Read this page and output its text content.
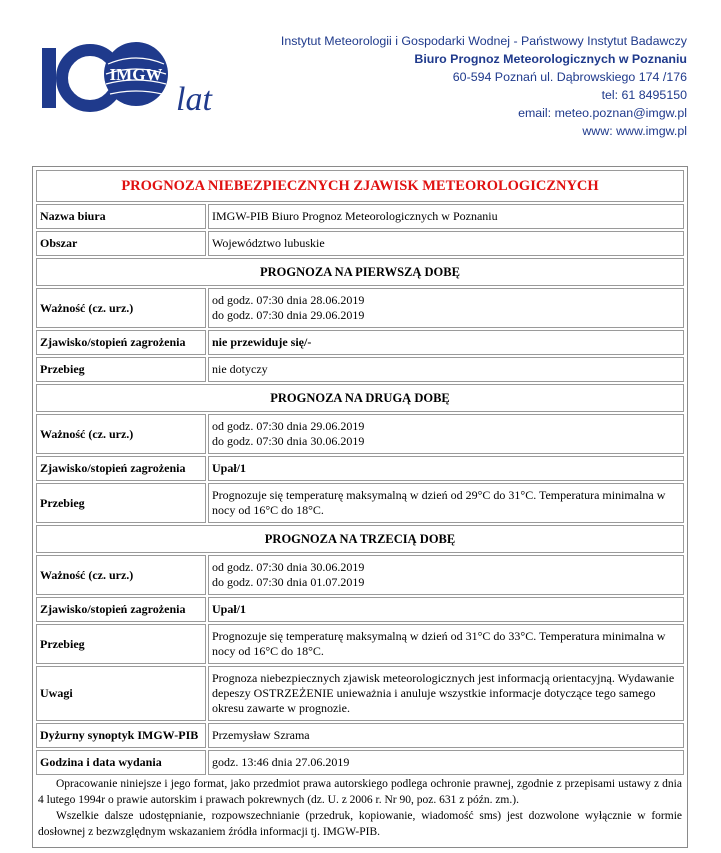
IMGW
lat
Instytut Meteorologii i Gospodarki Wodnej - Państwowy Instytut Badawczy
Biuro Prognoz Meteorologicznych w Poznaniu
60-594 Poznań ul. Dąbrowskiego 174 /176
tel: 61 8495150
email: meteo.poznan@imgw.pl
www: www.imgw.pl
PROGNOZA NIEBEZPIECZNYCH ZJAWISK METEOROLOGICZNYCH	
Nazwa biura	IMGW-PIB Biuro Prognoz Meteorologicznych w Poznaniu
Obszar	Województwo lubuskie
PROGNOZA NA PIERWSZĄ DOBĘ	
Ważność (cz. urz.)	od godz. 07:30 dnia 28.06.2019
do godz. 07:30 dnia 29.06.2019

Zjawisko/stopień zagrożenia	nie przewiduje się/-
Przebieg	nie dotyczy
PROGNOZA NA DRUGĄ DOBĘ	
Ważność (cz. urz.)	od godz. 07:30 dnia 29.06.2019
do godz. 07:30 dnia 30.06.2019

Zjawisko/stopień zagrożenia	Upał/1
Przebieg	Prognozuje się temperaturę maksymalną w dzień od 29°C do 31°C. Temperatura minimalna w nocy od 16°C do 18°C.
PROGNOZA NA TRZECIĄ DOBĘ	
Ważność (cz. urz.)	od godz. 07:30 dnia 30.06.2019
do godz. 07:30 dnia 01.07.2019

Zjawisko/stopień zagrożenia	Upał/1
Przebieg	Prognozuje się temperaturę maksymalną w dzień od 31°C do 33°C. Temperatura minimalna w nocy od 16°C do 18°C.
Uwagi	Prognoza niebezpiecznych zjawisk meteorologicznych jest informacją orientacyjną. Wydawanie depeszy OSTRZEŻENIE unieważnia i anuluje wszystkie informacje dotyczące tego samego okresu zawarte w prognozie.
Dyżurny synoptyk IMGW-PIB	Przemysław Szrama
Godzina i data wydania	godz. 13:46 dnia 27.06.2019

Opracowanie niniejsze i jego format, jako przedmiot prawa autorskiego podlega ochronie prawnej, zgodnie z przepisami ustawy z dnia 4 lutego 1994r o prawie autorskim i prawach pokrewnych (dz. U. z 2006 r. Nr 90, poz. 631 z późn. zm.).

Wszelkie dalsze udostępnianie, rozpowszechnianie (przedruk, kopiowanie, wiadomość sms) jest dozwolone wyłącznie w formie dosłownej z bezwzględnym wskazaniem źródła informacji tj. IMGW-PIB.
